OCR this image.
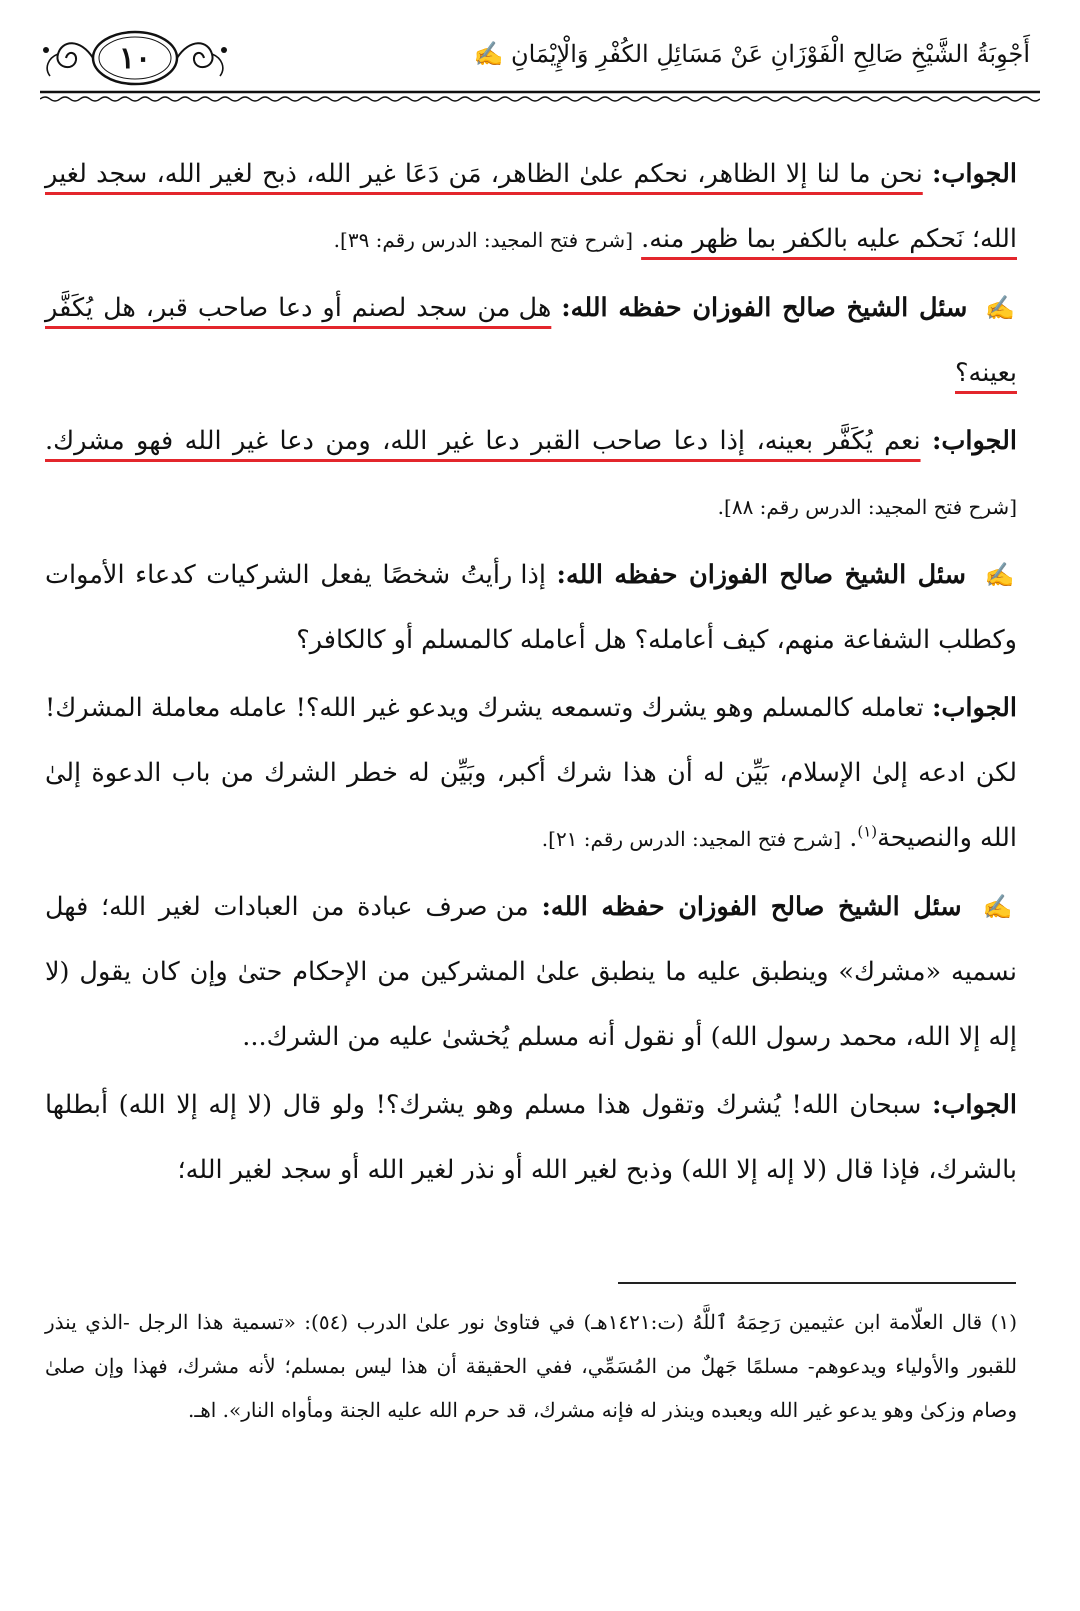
١٠	أَجْوِبَةُ الشَّيْخِ صَالِحِ الْفَوْزَانِ عَنْ مَسَائِلِ الكُفْرِ وَالْإِيْمَانِ ✍

الجواب: نحن ما لنا إلا الظاهر، نحكم علىٰ الظاهر، مَن دَعَا غير الله، ذبح لغير الله، سجد لغير الله؛ نَحكم عليه بالكفر بما ظهر منه. [شرح فتح المجيد: الدرس رقم: ٣٩].

✍ سئل الشيخ صالح الفوزان حفظه الله: هل من سجد لصنم أو دعا صاحب قبر، هل يُكَفَّر بعينه؟

الجواب: نعم يُكَفَّر بعينه، إذا دعا صاحب القبر دعا غير الله، ومن دعا غير الله فهو مشرك. [شرح فتح المجيد: الدرس رقم: ٨٨].

✍ سئل الشيخ صالح الفوزان حفظه الله: إذا رأيتُ شخصًا يفعل الشركيات كدعاء الأموات وكطلب الشفاعة منهم، كيف أعامله؟ هل أعامله كالمسلم أو كالكافر؟

الجواب: تعامله كالمسلم وهو يشرك وتسمعه يشرك ويدعو غير الله؟! عامله معاملة المشرك! لكن ادعه إلىٰ الإسلام، بَيِّن له أن هذا شرك أكبر، وبَيِّن له خطر الشرك من باب الدعوة إلىٰ الله والنصيحة$^{(١)}$. [شرح فتح المجيد: الدرس رقم: ٢١].

✍ سئل الشيخ صالح الفوزان حفظه الله: من صرف عبادة من العبادات لغير الله؛ فهل نسميه «مشرك» وينطبق عليه ما ينطبق علىٰ المشركين من الإحكام حتىٰ وإن كان يقول (لا إله إلا الله، محمد رسول الله) أو نقول أنه مسلم يُخشىٰ عليه من الشرك...

الجواب: سبحان الله! يُشرك وتقول هذا مسلم وهو يشرك؟! ولو قال (لا إله إلا الله) أبطلها بالشرك، فإذا قال (لا إله إلا الله) وذبح لغير الله أو نذر لغير الله أو سجد لغير الله؛

(١) قال العلّامة ابن عثيمين رَحِمَهُ ٱللَّهُ (ت:١٤٢١هـ) في فتاوىٰ نور علىٰ الدرب (٥٤): «تسمية هذا الرجل -الذي ينذر للقبور والأولياء ويدعوهم- مسلمًا جَهلٌ من المُسَمِّي، ففي الحقيقة أن هذا ليس بمسلم؛ لأنه مشرك، فهذا وإن صلىٰ وصام وزكىٰ وهو يدعو غير الله ويعبده وينذر له فإنه مشرك، قد حرم الله عليه الجنة ومأواه النار». اهـ.
